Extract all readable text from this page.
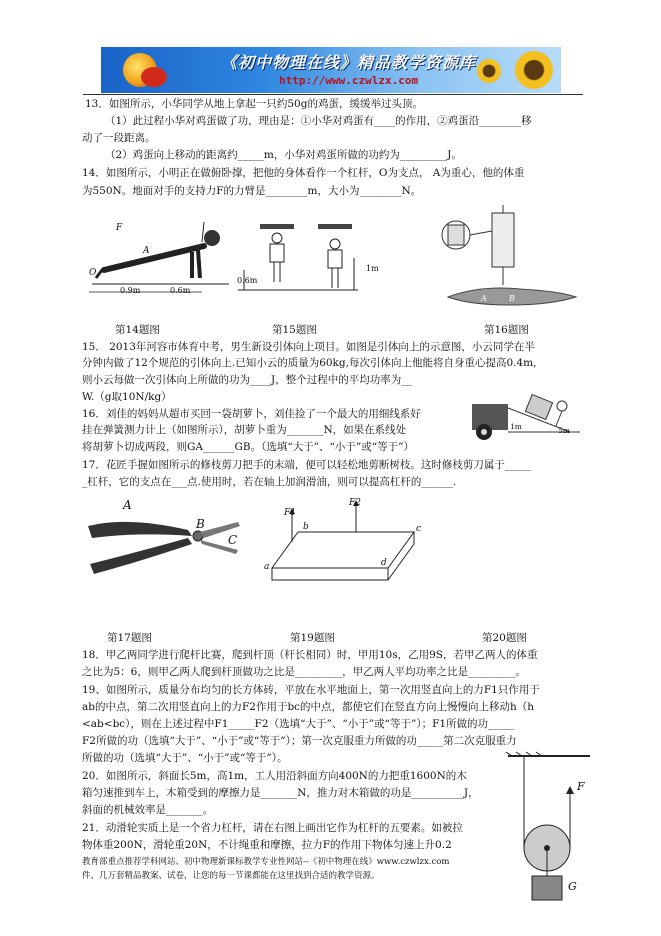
《初中物理在线》精品教学资源库
http://www.czwlzx.com
13．如图所示，小华同学从地上拿起一只约50g的鸡蛋，缓缓举过头顶。
（1）此过程小华对鸡蛋做了功，理由是：①小华对鸡蛋有____的作用，②鸡蛋沿________移
动了一段距离。
（2）鸡蛋向上移动的距离约_____m，小华对鸡蛋所做的功约为_________J。
14．如图所示，小明正在做俯卧撑，把他的身体看作一个杠杆，O为支点， A为重心，他的体重
为550N。地面对手的支持力F的力臂是________m，大小为________N。
F
A
O
0.9m	0.6m
0.6m
1m
A	B
第14题图	第15题图	第16题图
15． 2013年河容市体育中考，男生新设引体向上项目。如图是引体向上的示意图，小云同学在半
分钟内做了12个规范的引体向上.已知小云的质量为60kg,每次引体向上他能将自身重心提高0.4m,
则小云每做一次引体向上所做的功为____J，整个过程中的平均功率为__
W.（g取10N/kg）
16．刘佳的妈妈从超市买回一袋胡萝卜，刘佳捡了一个最大的用细线系好
挂在弹簧测力计上（如图所示），胡萝卜重为_______N，如果在系线处
将胡萝卜切成两段，则GA______GB。（选填“大于”、“小于”或“等于”）
1m	5m
17．花匠手握如图所示的修枝剪刀把手的末端，便可以轻松地剪断树枝。这时修枝剪刀属于_____
_杠杆，它的支点在___点.使用时，若在轴上加润滑油，则可以提高杠杆的______.
A
B
C
F1
F2
b	c
a	d
第17题图	第19题图	第20题图
18．甲乙两同学进行爬杆比赛，爬到杆顶（杆长相同）时，甲用10s，乙用9S，若甲乙两人的体重
之比为5：6，则甲乙两人爬到杆顶做功之比是_________，甲乙两人平均功率之比是_________。
19、如图所示，质量分布均匀的长方体砖，平放在水平地面上，第一次用竖直向上的力F1只作用于
ab的中点，第二次用竖直向上的力F2作用于bc的中点，都使它们在竖直方向上慢慢向上移动h（h
<ab<bc），则在上述过程中F1_____F2（选填“大于”、“小于”或“等于”）；F1所做的功_____
F2所做的功（选填“大于”、“小于”或“等于”）；第一次克服重力所做的功_____第二次克服重力
所做的功（选填“大于”、“小于”或“等于”）。
20．如图所示，斜面长5m，高1m，工人用沿斜面方向400N的力把重1600N的木
箱匀速推到车上，木箱受到的摩擦力是_______N，推力对木箱做的功是__________J，
斜面的机械效率是_______。
21．动滑轮实质上是一个省力杠杆，请在右图上画出它作为杠杆的五要素。如被拉
物体重200N，滑轮重20N，不计绳重和摩擦，拉力F的作用下物体匀速上升0.2
F
G
教育部重点推荐学科网站、初中物理新课标教学专业性网站--《初中物理在线》www.czwlzx.com
件、几万套精品教案、试卷，让您的每一节课都能在这里找到合适的教学资源。
